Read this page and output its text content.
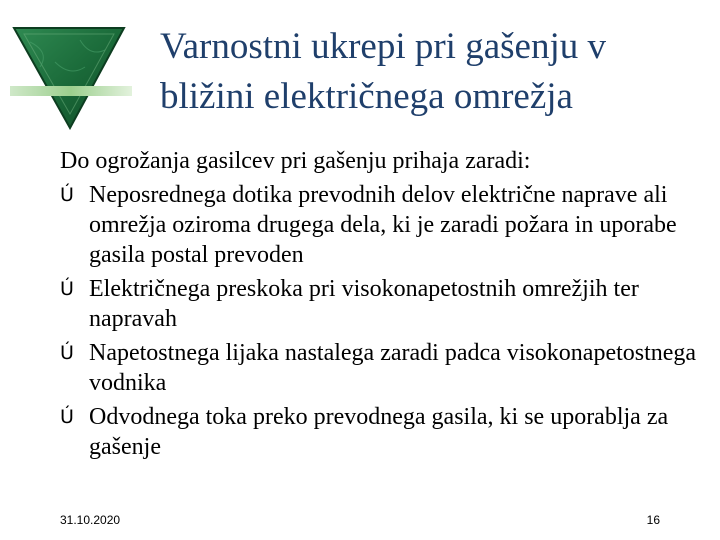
Varnostni ukrepi pri gašenju v bližini električnega omrežja

Do ogrožanja gasilcev pri gašenju prihaja zaradi:

Ú Neposrednega dotika prevodnih delov električne naprave ali omrežja oziroma drugega dela, ki je zaradi požara in uporabe gasila postal prevoden
Ú Električnega preskoka pri visokonapetostnih omrežjih ter napravah
Ú Napetostnega lijaka nastalega zaradi padca visokonapetostnega vodnika
Ú Odvodnega toka preko prevodnega gasila, ki se uporablja za gašenje
31.10.2020	16
